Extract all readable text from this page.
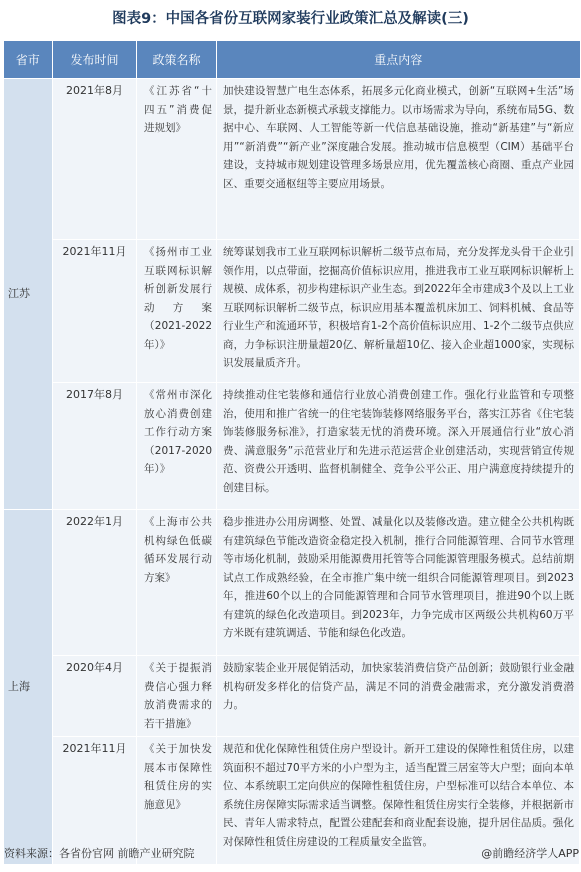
图表9：中国各省份互联网家装行业政策汇总及解读(三)
省市	发布时间	政策名称	重点内容
江苏	2021年8月	《江苏省“十四五”消费促进规划》	加快建设智慧广电生态体系，拓展多元化商业模式，创新“互联网+生活”场景，提升新业态新模式承载支撑能力。以市场需求为导向，系统布局5G、数据中心、车联网、人工智能等新一代信息基础设施，推动“新基建”与“新应用”“新消费”“新产业”深度融合发展。推动城市信息模型（CIM）基础平台建设，支持城市规划建设管理多场景应用，优先覆盖核心商圈、重点产业园区、重要交通枢纽等主要应用场景。
	2021年11月	《扬州市工业互联网标识解析创新发展行动方案（2021-2022年）》	统筹谋划我市工业互联网标识解析二级节点布局，充分发挥龙头骨干企业引领作用，以点带面，挖掘高价值标识应用，推进我市工业互联网标识解析上规模、成体系，初步构建标识产业生态。到2022年全市建成3个及以上工业互联网标识解析二级节点，标识应用基本覆盖机床加工、饲料机械、食品等行业生产和流通环节，积极培育1-2个高价值标识应用、1-2个二级节点供应商，力争标识注册量超20亿、解析量超10亿、接入企业超1000家，实现标识发展量质齐升。
	2017年8月	《常州市深化放心消费创建工作行动方案（2017-2020年）》	持续推动住宅装修和通信行业放心消费创建工作。强化行业监管和专项整治，使用和推广省统一的住宅装饰装修网络服务平台，落实江苏省《住宅装饰装修服务标准》，打造家装无忧的消费环境。深入开展通信行业“放心消费、满意服务”示范营业厅和先进示范运营企业创建活动，实现营销宣传规范、资费公开透明、监督机制健全、竞争公平公正、用户满意度持续提升的创建目标。
上海	2022年1月	《上海市公共机构绿色低碳循环发展行动方案》	稳步推进办公用房调整、处置、减量化以及装修改造。建立健全公共机构既有建筑绿色节能改造资金稳定投入机制，推行合同能源管理、合同节水管理等市场化机制，鼓励采用能源费用托管等合同能源管理服务模式。总结前期试点工作成熟经验，在全市推广集中统一组织合同能源管理项目。到2023年，推进60个以上的合同能源管理和合同节水管理项目，推进90个以上既有建筑的绿色化改造项目。到2023年，力争完成市区两级公共机构60万平方米既有建筑调适、节能和绿色化改造。
	2020年4月	《关于提振消费信心强力释放消费需求的若干措施》	鼓励家装企业开展促销活动，加快家装消费信贷产品创新；鼓励银行业金融机构研发多样化的信贷产品，满足不同的消费金融需求，充分激发消费潜力。
	2021年11月	《关于加快发展本市保障性租赁住房的实施意见》	规范和优化保障性租赁住房户型设计。新开工建设的保障性租赁住房，以建筑面积不超过70平方米的小户型为主，适当配置三居室等大户型；面向本单位、本系统职工定向供应的保障性租赁住房，户型标准可以结合本单位、本系统住房保障实际需求适当调整。保障性租赁住房实行全装修，并根据新市民、青年人需求特点，配置公建配套和商业配套设施，提升居住品质。强化对保障性租赁住房建设的工程质量安全监管。
资料来源：各省份官网 前瞻产业研究院	@前瞻经济学人APP
